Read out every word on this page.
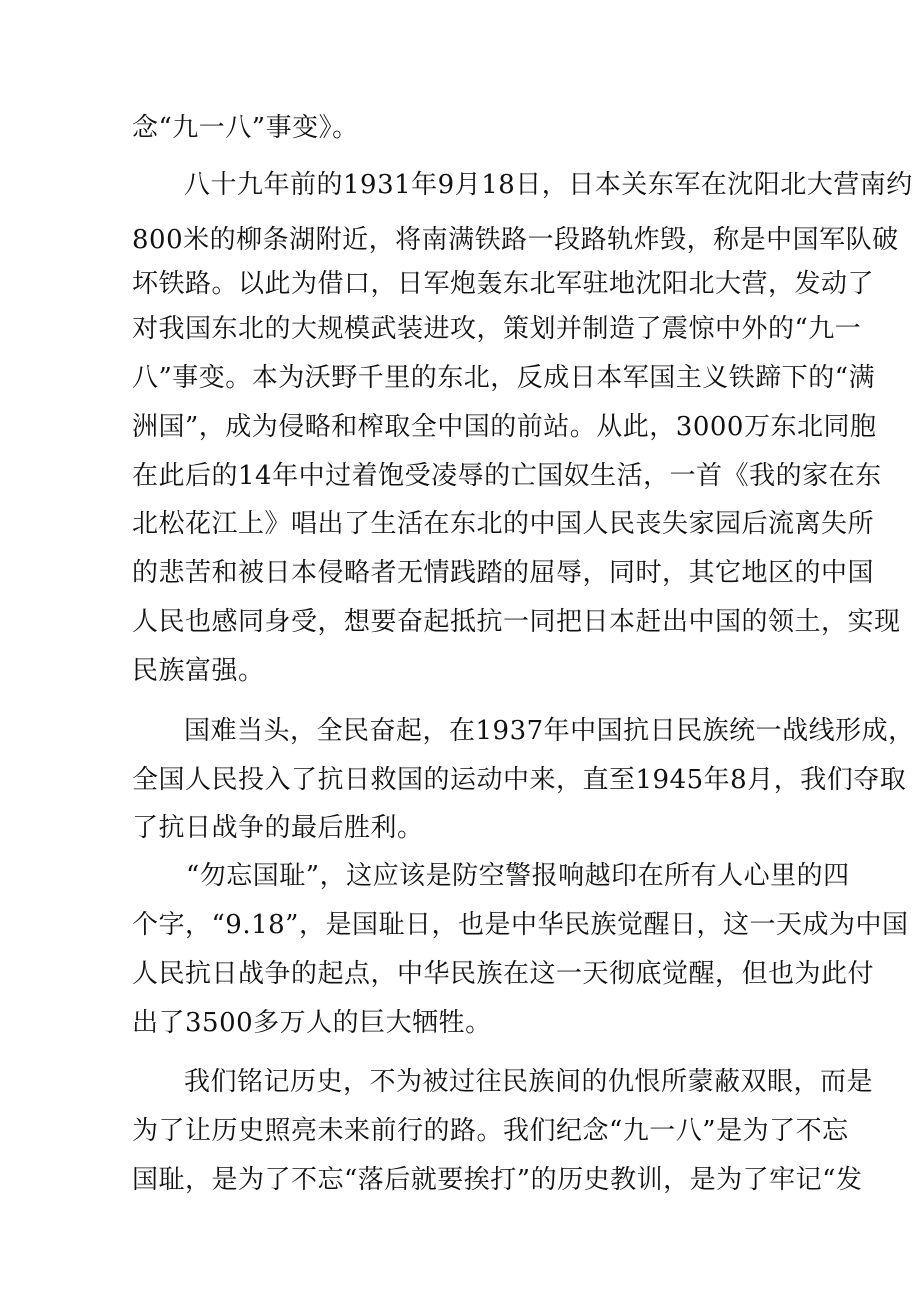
念“九一八”事变》。
八十九年前的1931年9月18日，日本关东军在沈阳北大营南约
800米的柳条湖附近，将南满铁路一段路轨炸毁，称是中国军队破
坏铁路。以此为借口，日军炮轰东北军驻地沈阳北大营，发动了
对我国东北的大规模武装进攻，策划并制造了震惊中外的“九一
八”事变。本为沃野千里的东北，反成日本军国主义铁蹄下的“满
洲国”，成为侵略和榨取全中国的前站。从此，3000万东北同胞
在此后的14年中过着饱受凌辱的亡国奴生活，一首《我的家在东
北松花江上》唱出了生活在东北的中国人民丧失家园后流离失所
的悲苦和被日本侵略者无情践踏的屈辱，同时，其它地区的中国
人民也感同身受，想要奋起抵抗一同把日本赶出中国的领土，实现
民族富强。
国难当头，全民奋起，在1937年中国抗日民族统一战线形成，
全国人民投入了抗日救国的运动中来，直至1945年8月，我们夺取
了抗日战争的最后胜利。
“勿忘国耻”，这应该是防空警报响越印在所有人心里的四
个字，“9.18”，是国耻日，也是中华民族觉醒日，这一天成为中国
人民抗日战争的起点，中华民族在这一天彻底觉醒，但也为此付
出了3500多万人的巨大牺牲。
我们铭记历史，不为被过往民族间的仇恨所蒙蔽双眼，而是
为了让历史照亮未来前行的路。我们纪念“九一八”是为了不忘
国耻，是为了不忘“落后就要挨打”的历史教训，是为了牢记“发
